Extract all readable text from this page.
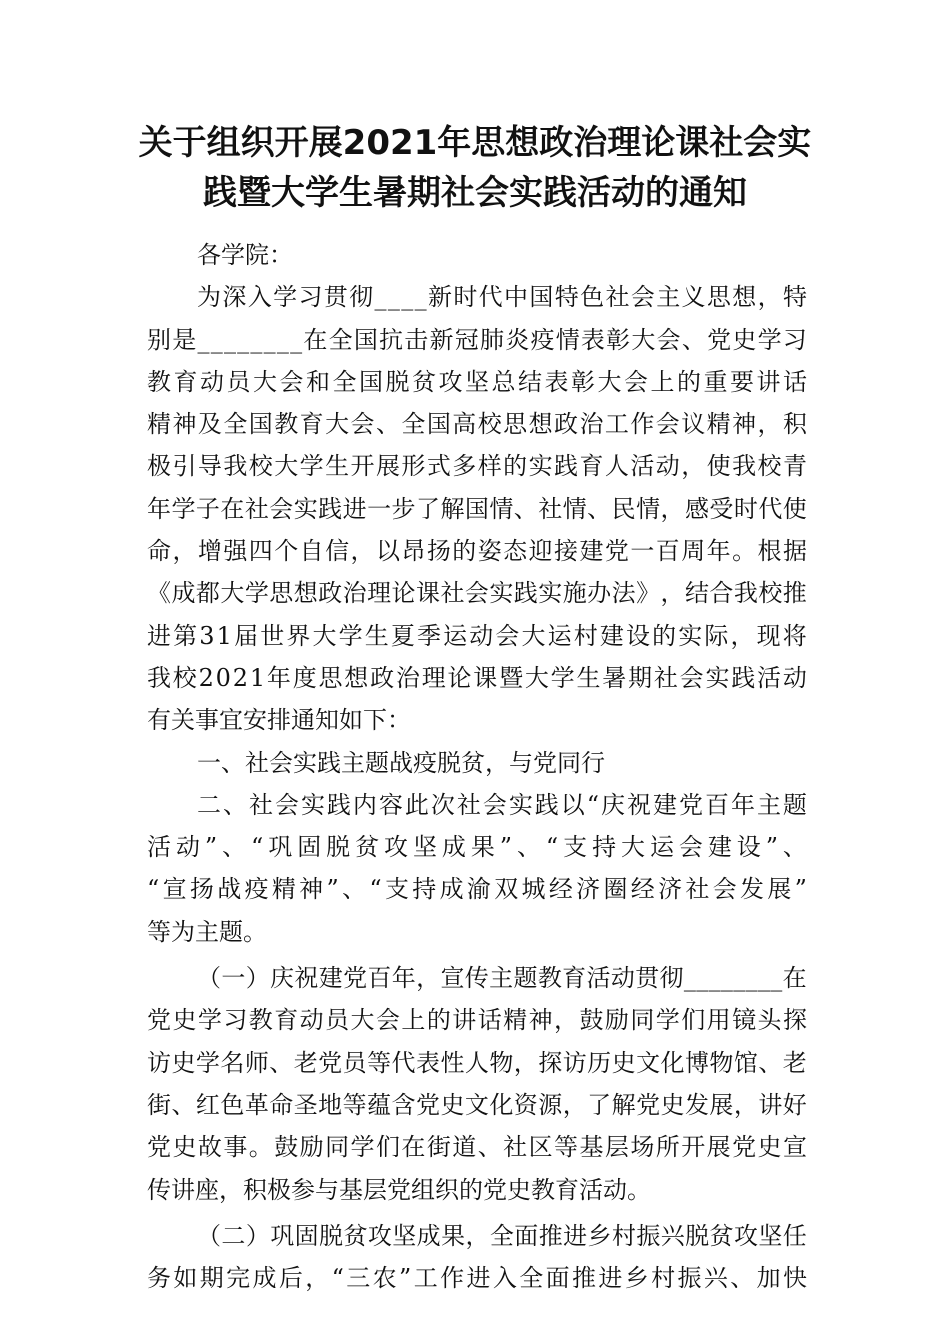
关于组织开展2021年思想政治理论课社会实
践暨大学生暑期社会实践活动的通知
各学院：
为 深 入 学 习 贯 彻 _ _ _ _ 新 时 代 中 国 特 色 社 会 主 义 思 想 ， 特
别 是 _ _ _ _ _ _ _ _ 在 全 国 抗 击 新 冠 肺 炎 疫 情 表 彰 大 会 、 党 史 学 习
教 育 动 员 大 会 和 全 国 脱 贫 攻 坚 总 结 表 彰 大 会 上 的 重 要 讲 话
精 神 及 全 国 教 育 大 会 、 全 国 高 校 思 想 政 治 工 作 会 议 精 神 ， 积
极 引 导 我 校 大 学 生 开 展 形 式 多 样 的 实 践 育 人 活 动 ， 使 我 校 青
年 学 子 在 社 会 实 践 进 一 步 了 解 国 情 、 社 情 、 民 情 ， 感 受 时 代 使
命 ， 增 强 四 个 自 信 ， 以 昂 扬 的 姿 态 迎 接 建 党 一 百 周 年 。 根 据
《 成 都 大 学 思 想 政 治 理 论 课 社 会 实 践 实 施 办 法 》 ， 结 合 我 校 推
进 第 3 1 届 世 界 大 学 生 夏 季 运 动 会 大 运 村 建 设 的 实 际 ， 现 将
我 校 2 0 2 1 年 度 思 想 政 治 理 论 课 暨 大 学 生 暑 期 社 会 实 践 活 动
有关事宜安排通知如下：
一、社会实践主题战疫脱贫，与党同行
二 、 社 会 实 践 内 容 此 次 社 会 实 践 以 “ 庆 祝 建 党 百 年 主 题
活 动 ” 、 “ 巩 固 脱 贫 攻 坚 成 果 ” 、 “ 支 持 大 运 会 建 设 ” 、
“ 宣 扬 战 疫 精 神 ” 、 “ 支 持 成 渝 双 城 经 济 圈 经 济 社 会 发 展 ”
等为主题。
（ 一 ） 庆 祝 建 党 百 年 ， 宣 传 主 题 教 育 活 动 贯 彻 _ _ _ _ _ _ _ _ 在
党 史 学 习 教 育 动 员 大 会 上 的 讲 话 精 神 ， 鼓 励 同 学 们 用 镜 头 探
访 史 学 名 师 、 老 党 员 等 代 表 性 人 物 ， 探 访 历 史 文 化 博 物 馆 、 老
街 、 红 色 革 命 圣 地 等 蕴 含 党 史 文 化 资 源 ， 了 解 党 史 发 展 ， 讲 好
党 史 故 事 。 鼓 励 同 学 们 在 街 道 、 社 区 等 基 层 场 所 开 展 党 史 宣
传讲座，积极参与基层党组织的党史教育活动。
（ 二 ） 巩 固 脱 贫 攻 坚 成 果 ， 全 面 推 进 乡 村 振 兴 脱 贫 攻 坚 任
务 如 期 完 成 后 ， “ 三 农 ” 工 作 进 入 全 面 推 进 乡 村 振 兴 、 加 快
